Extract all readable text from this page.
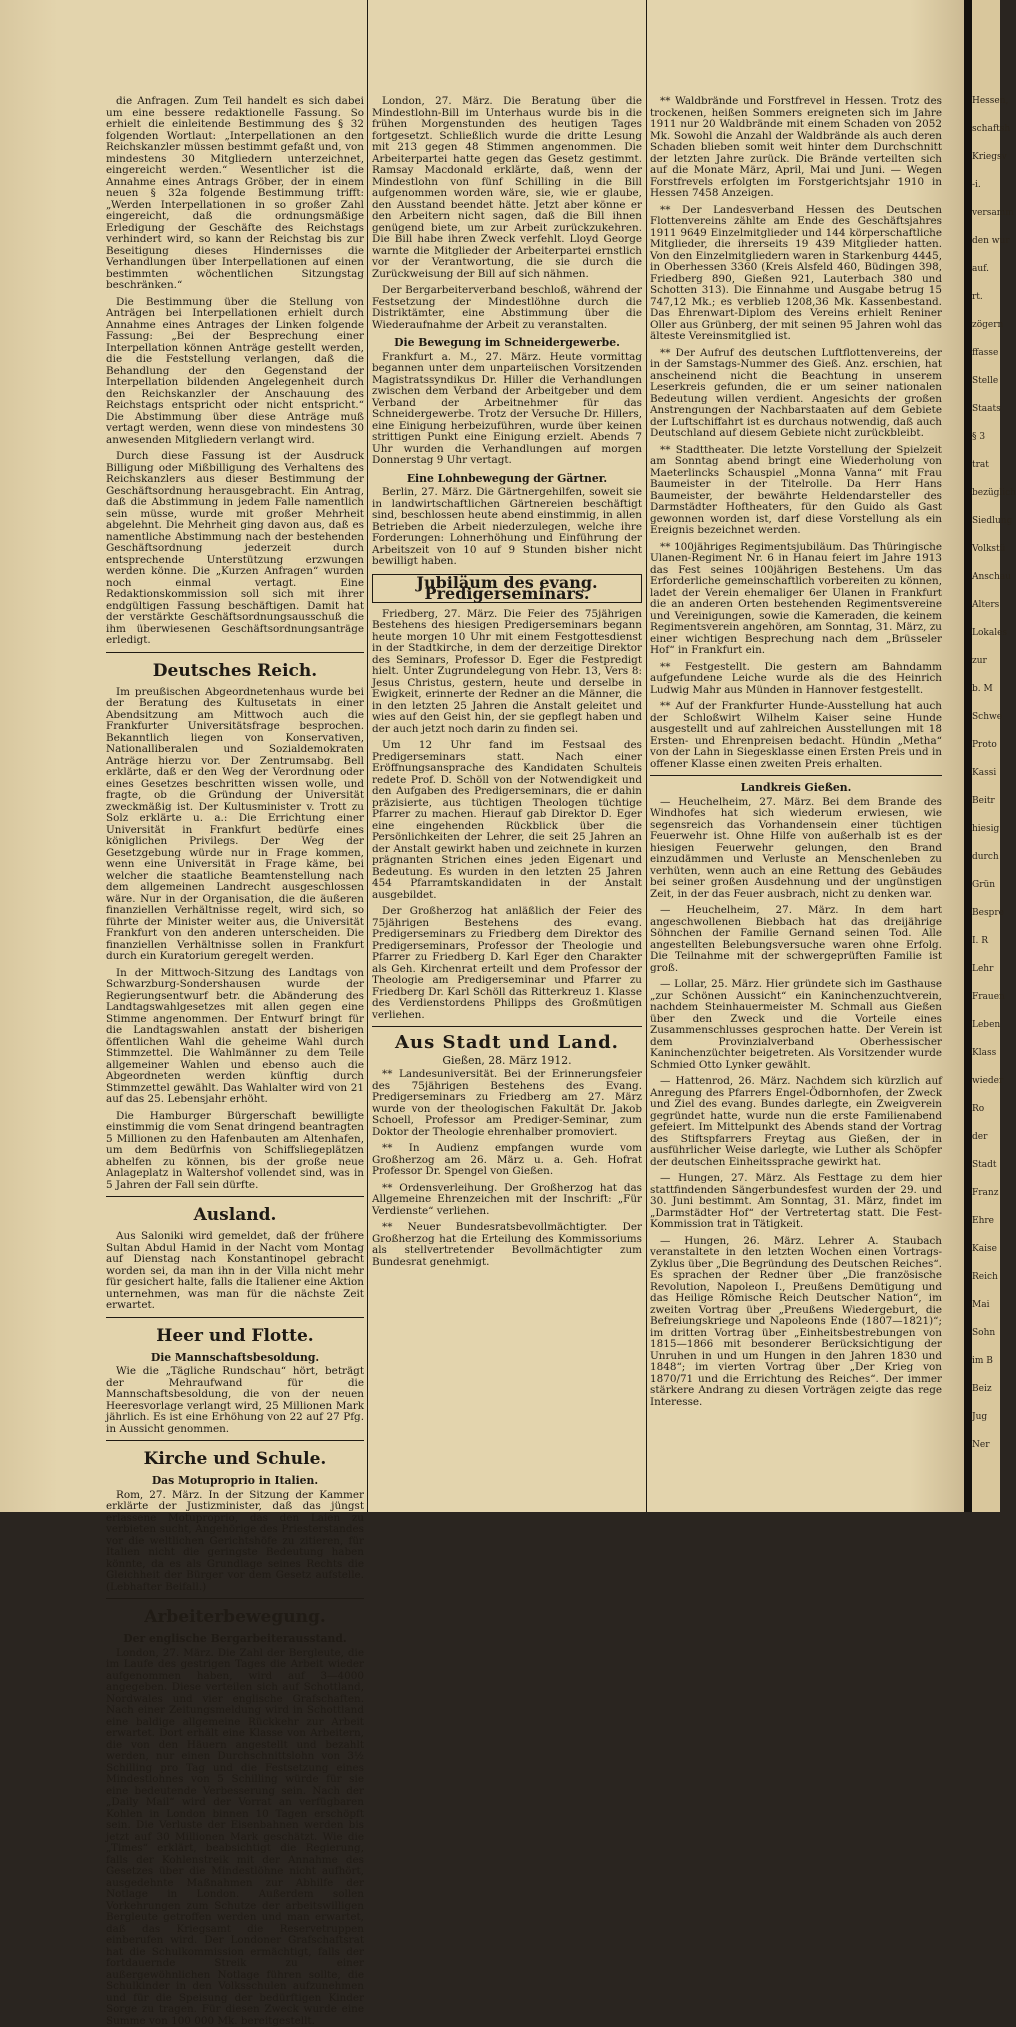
die Anfragen. Zum Teil handelt es sich dabei um eine bessere redaktionelle Fassung. So erhielt die einleitende Bestimmung des § 32 folgenden Wortlaut: „Interpellationen an den Reichskanzler müssen bestimmt gefaßt und, von mindestens 30 Mitgliedern unterzeichnet, eingereicht werden.“ Wesentlicher ist die Annahme eines Antrags Gröber, der in einem neuen § 32a folgende Bestimmung trifft: „Werden Interpellationen in so großer Zahl eingereicht, daß die ordnungsmäßige Erledigung der Geschäfte des Reichstags verhindert wird, so kann der Reichstag bis zur Beseitigung dieses Hindernisses die Verhandlungen über Interpellationen auf einen bestimmten wöchentlichen Sitzungstag beschränken.“

Die Bestimmung über die Stellung von Anträgen bei Interpellationen erhielt durch Annahme eines Antrages der Linken folgende Fassung: „Bei der Besprechung einer Interpellation können Anträge gestellt werden, die die Feststellung verlangen, daß die Behandlung der den Gegenstand der Interpellation bildenden Angelegenheit durch den Reichskanzler der Anschauung des Reichstags entspricht oder nicht entspricht.“ Die Abstimmung über diese Anträge muß vertagt werden, wenn diese von mindestens 30 anwesenden Mitgliedern verlangt wird.

Durch diese Fassung ist der Ausdruck Billigung oder Mißbilligung des Verhaltens des Reichskanzlers aus dieser Bestimmung der Geschäftsordnung herausgebracht. Ein Antrag, daß die Abstimmung in jedem Falle namentlich sein müsse, wurde mit großer Mehrheit abgelehnt. Die Mehrheit ging davon aus, daß es namentliche Abstimmung nach der bestehenden Geschäftsordnung jederzeit durch entsprechende Unterstützung erzwungen werden könne. Die „Kurzen Anfragen“ wurden noch einmal vertagt. Eine Redaktionskommission soll sich mit ihrer endgültigen Fassung beschäftigen. Damit hat der verstärkte Geschäftsordnungsausschuß die ihm überwiesenen Geschäftsordnungsanträge erledigt.

Deutsches Reich.

Im preußischen Abgeordnetenhaus wurde bei der Beratung des Kultusetats in einer Abendsitzung am Mittwoch auch die Frankfurter Universitätsfrage besprochen. Bekanntlich liegen von Konservativen, Nationalliberalen und Sozialdemokraten Anträge hierzu vor. Der Zentrumsabg. Bell erklärte, daß er den Weg der Verordnung oder eines Gesetzes beschritten wissen wolle, und fragte, ob die Gründung der Universität zweckmäßig ist. Der Kultusminister v. Trott zu Solz erklärte u. a.: Die Errichtung einer Universität in Frankfurt bedürfe eines königlichen Privilegs. Der Weg der Gesetzgebung würde nur in Frage kommen, wenn eine Universität in Frage käme, bei welcher die staatliche Beamtenstellung nach dem allgemeinen Landrecht ausgeschlossen wäre. Nur in der Organisation, die die äußeren finanziellen Verhältnisse regelt, wird sich, so führte der Minister weiter aus, die Universität Frankfurt von den anderen unterscheiden. Die finanziellen Verhältnisse sollen in Frankfurt durch ein Kuratorium geregelt werden.

In der Mittwoch-Sitzung des Landtags von Schwarzburg-Sondershausen wurde der Regierungsentwurf betr. die Abänderung des Landtagswahlgesetzes mit allen gegen eine Stimme angenommen. Der Entwurf bringt für die Landtagswahlen anstatt der bisherigen öffentlichen Wahl die geheime Wahl durch Stimmzettel. Die Wahlmänner zu dem Teile allgemeiner Wahlen und ebenso auch die Abgeordneten werden künftig durch Stimmzettel gewählt. Das Wahlalter wird von 21 auf das 25. Lebensjahr erhöht.

Die Hamburger Bürgerschaft bewilligte einstimmig die vom Senat dringend beantragten 5 Millionen zu den Hafenbauten am Altenhafen, um dem Bedürfnis von Schiffsliegeplätzen abhelfen zu können, bis der große neue Anlageplatz in Waltershof vollendet sind, was in 5 Jahren der Fall sein dürfte.

Ausland.

Aus Saloniki wird gemeldet, daß der frühere Sultan Abdul Hamid in der Nacht vom Montag auf Dienstag nach Konstantinopel gebracht worden sei, da man ihn in der Villa nicht mehr für gesichert halte, falls die Italiener eine Aktion unternehmen, was man für die nächste Zeit erwartet.

Heer und Flotte.
Die Mannschaftsbesoldung.

Wie die „Tägliche Rundschau“ hört, beträgt der Mehraufwand für die Mannschaftsbesoldung, die von der neuen Heeresvorlage verlangt wird, 25 Millionen Mark jährlich. Es ist eine Erhöhung von 22 auf 27 Pfg. in Aussicht genommen.

Kirche und Schule.
Das Motuproprio in Italien.

Rom, 27. März. In der Sitzung der Kammer erklärte der Justizminister, daß das jüngst erlassene Motuproprio, das den Laien zu verbieten sucht, Angehörige des Priesterstandes vor die weltlichen Gerichtshöfe zu zitieren, für Italien nicht die geringste Bedeutung haben könnte, da es als Grundlage seines Rechts die Gleichheit der Bürger vor dem Gesetz aufstelle. (Lebhafter Beifall.)

Arbeiterbewegung.
Der englische Bergarbeiterausstand.

London, 27. März. Die Zahl der Bergleute, die im Laufe des gestrigen Tages die Arbeit wieder aufgenommen haben, wird auf 3—4000 angegeben. Diese verteilen sich auf Schottland, Nordwales und vier englische Grafschaften. Nach einer Zeitungsmeldung wird in Schottland eine baldige allgemeine Rückkehr zur Arbeit erwartet. Dort erhält eine Klasse von Arbeitern, die von den Häuern angestellt und bezahlt werden, nur einen Durchschnittslohn von 3½ Schilling pro Tag und die Festsetzung eines Mindestlohnes von 5 Schilling würde für sie eine bedeutende Verbesserung sein. Nach der „Daily Mail“ wird der Vorrat an verfügbaren Kohlen in London binnen 10 Tagen erschöpft sein. Die Verluste der Eisenbahnen werden bis jetzt auf 30 Millionen Mark geschätzt. Wie die „Times“ erklärt, beabsichtigt die Regierung, falls der Kohlenstreik mit der Annahme des Gesetzes über die Mindestlöhne nicht aufhört, ausgedehnte Maßnahmen zur Abhilfe der Notlage in London. Außerdem sollen Vorkehrungen zum Schutze der arbeitswilligen Bergleute getroffen werden und man erwartet, daß das Kriegsamt die Reservetruppen einberufen wird. Der Londoner Grafschaftsrat hat die Schulkommission ermächtigt, falls der fortdauernde Streik zu einer außergewöhnlichen Notlage führen sollte, die Schulkinder in den Volksschulen aufzunehmen und für die Speisung der bedürftigen Kinder Sorge zu tragen. Für diesen Zweck wurde eine Summe von 100 000 Mk. bereitgestellt.

London, 27. März. Die Beratung über die Mindestlohn-Bill im Unterhaus wurde bis in die frühen Morgenstunden des heutigen Tages fortgesetzt. Schließlich wurde die dritte Lesung mit 213 gegen 48 Stimmen angenommen. Die Arbeiterpartei hatte gegen das Gesetz gestimmt. Ramsay Macdonald erklärte, daß, wenn der Mindestlohn von fünf Schilling in die Bill aufgenommen worden wäre, sie, wie er glaube, den Ausstand beendet hätte. Jetzt aber könne er den Arbeitern nicht sagen, daß die Bill ihnen genügend biete, um zur Arbeit zurückzukehren. Die Bill habe ihren Zweck verfehlt. Lloyd George warnte die Mitglieder der Arbeiterpartei ernstlich vor der Verantwortung, die sie durch die Zurückweisung der Bill auf sich nähmen.

Der Bergarbeiterverband beschloß, während der Festsetzung der Mindestlöhne durch die Distriktämter, eine Abstimmung über die Wiederaufnahme der Arbeit zu veranstalten.

Die Bewegung im Schneidergewerbe.

Frankfurt a. M., 27. März. Heute vormittag begannen unter dem unparteiischen Vorsitzenden Magistratssyndikus Dr. Hiller die Verhandlungen zwischen dem Verband der Arbeitgeber und dem Verband der Arbeitnehmer für das Schneidergewerbe. Trotz der Versuche Dr. Hillers, eine Einigung herbeizuführen, wurde über keinen strittigen Punkt eine Einigung erzielt. Abends 7 Uhr wurden die Verhandlungen auf morgen Donnerstag 9 Uhr vertagt.

Eine Lohnbewegung der Gärtner.

Berlin, 27. März. Die Gärtnergehilfen, soweit sie in landwirtschaftlichen Gärtnereien beschäftigt sind, beschlossen heute abend einstimmig, in allen Betrieben die Arbeit niederzulegen, welche ihre Forderungen: Lohnerhöhung und Einführung der Arbeitszeit von 10 auf 9 Stunden bisher nicht bewilligt haben.

Jubiläum des evang. Predigerseminars.

Friedberg, 27. März. Die Feier des 75jährigen Bestehens des hiesigen Predigerseminars begann heute morgen 10 Uhr mit einem Festgottesdienst in der Stadtkirche, in dem der derzeitige Direktor des Seminars, Professor D. Eger die Festpredigt hielt. Unter Zugrundelegung von Hebr. 13, Vers 8: Jesus Christus, gestern, heute und derselbe in Ewigkeit, erinnerte der Redner an die Männer, die in den letzten 25 Jahren die Anstalt geleitet und wies auf den Geist hin, der sie gepflegt haben und der auch jetzt noch darin zu finden sei.

Um 12 Uhr fand im Festsaal des Predigerseminars statt. Nach einer Eröffnungsansprache des Kandidaten Schulteis redete Prof. D. Schöll von der Notwendigkeit und den Aufgaben des Predigerseminars, die er dahin präzisierte, aus tüchtigen Theologen tüchtige Pfarrer zu machen. Hierauf gab Direktor D. Eger eine eingehenden Rückblick über die Persönlichkeiten der Lehrer, die seit 25 Jahren an der Anstalt gewirkt haben und zeichnete in kurzen prägnanten Strichen eines jeden Eigenart und Bedeutung. Es wurden in den letzten 25 Jahren 454 Pfarramtskandidaten in der Anstalt ausgebildet.

Der Großherzog hat anläßlich der Feier des 75jährigen Bestehens des evang. Predigerseminars zu Friedberg dem Direktor des Predigerseminars, Professor der Theologie und Pfarrer zu Friedberg D. Karl Eger den Charakter als Geh. Kirchenrat erteilt und dem Professor der Theologie am Predigerseminar und Pfarrer zu Friedberg Dr. Karl Schöll das Ritterkreuz 1. Klasse des Verdienstordens Philipps des Großmütigen verliehen.

Aus Stadt und Land.
Gießen, 28. März 1912.

** Landesuniversität. Bei der Erinnerungsfeier des 75jährigen Bestehens des Evang. Predigerseminars zu Friedberg am 27. März wurde von der theologischen Fakultät Dr. Jakob Schoell, Professor am Prediger-Seminar, zum Doktor der Theologie ehrenhalber promoviert.

** In Audienz empfangen wurde vom Großherzog am 26. März u. a. Geh. Hofrat Professor Dr. Spengel von Gießen.

** Ordensverleihung. Der Großherzog hat das Allgemeine Ehrenzeichen mit der Inschrift: „Für Verdienste“ verliehen.

** Neuer Bundesratsbevollmächtigter. Der Großherzog hat die Erteilung des Kommissoriums als stellvertretender Bevollmächtigter zum Bundesrat genehmigt.

** Waldbrände und Forstfrevel in Hessen. Trotz des trockenen, heißen Sommers ereigneten sich im Jahre 1911 nur 20 Waldbrände mit einem Schaden von 2052 Mk. Sowohl die Anzahl der Waldbrände als auch deren Schaden blieben somit weit hinter dem Durchschnitt der letzten Jahre zurück. Die Brände verteilten sich auf die Monate März, April, Mai und Juni. — Wegen Forstfrevels erfolgten im Forstgerichtsjahr 1910 in Hessen 7458 Anzeigen.

** Der Landesverband Hessen des Deutschen Flottenvereins zählte am Ende des Geschäftsjahres 1911 9649 Einzelmitglieder und 144 körperschaftliche Mitglieder, die ihrerseits 19 439 Mitglieder hatten. Von den Einzelmitgliedern waren in Starkenburg 4445, in Oberhessen 3360 (Kreis Alsfeld 460, Büdingen 398, Friedberg 890, Gießen 921, Lauterbach 380 und Schotten 313). Die Einnahme und Ausgabe betrug 15 747,12 Mk.; es verblieb 1208,36 Mk. Kassenbestand. Das Ehrenwart-Diplom des Vereins erhielt Reniner Oller aus Grünberg, der mit seinen 95 Jahren wohl das älteste Vereinsmitglied ist.

** Der Aufruf des deutschen Luftflottenvereins, der in der Samstags-Nummer des Gieß. Anz. erschien, hat anscheinend nicht die Beachtung in unserem Leserkreis gefunden, die er um seiner nationalen Bedeutung willen verdient. Angesichts der großen Anstrengungen der Nachbarstaaten auf dem Gebiete der Luftschiffahrt ist es durchaus notwendig, daß auch Deutschland auf diesem Gebiete nicht zurückbleibt.

** Stadttheater. Die letzte Vorstellung der Spielzeit am Sonntag abend bringt eine Wiederholung von Maeterlincks Schauspiel „Monna Vanna“ mit Frau Baumeister in der Titelrolle. Da Herr Hans Baumeister, der bewährte Heldendarsteller des Darmstädter Hoftheaters, für den Guido als Gast gewonnen worden ist, darf diese Vorstellung als ein Ereignis bezeichnet werden.

** 100jähriges Regimentsjubiläum. Das Thüringische Ulanen-Regiment Nr. 6 in Hanau feiert im Jahre 1913 das Fest seines 100jährigen Bestehens. Um das Erforderliche gemeinschaftlich vorbereiten zu können, ladet der Verein ehemaliger 6er Ulanen in Frankfurt die an anderen Orten bestehenden Regimentsvereine und Vereinigungen, sowie die Kameraden, die keinem Regimentsverein angehören, am Sonntag, 31. März, zu einer wichtigen Besprechung nach dem „Brüsseler Hof“ in Frankfurt ein.

** Festgestellt. Die gestern am Bahndamm aufgefundene Leiche wurde als die des Heinrich Ludwig Mahr aus Münden in Hannover festgestellt.

** Auf der Frankfurter Hunde-Ausstellung hat auch der Schloßwirt Wilhelm Kaiser seine Hunde ausgestellt und auf zahlreichen Ausstellungen mit 18 Ersten- und Ehrenpreisen bedacht. Hündin „Metha“ von der Lahn in Siegesklasse einen Ersten Preis und in offener Klasse einen zweiten Preis erhalten.

Landkreis Gießen.

— Heuchelheim, 27. März. Bei dem Brande des Windhofes hat sich wiederum erwiesen, wie segensreich das Vorhandensein einer tüchtigen Feuerwehr ist. Ohne Hilfe von außerhalb ist es der hiesigen Feuerwehr gelungen, den Brand einzudämmen und Verluste an Menschenleben zu verhüten, wenn auch an eine Rettung des Gebäudes bei seiner großen Ausdehnung und der ungünstigen Zeit, in der das Feuer ausbrach, nicht zu denken war.

— Heuchelheim, 27. März. In dem hart angeschwollenen Biebbach hat das dreijährige Söhnchen der Familie Gernand seinen Tod. Alle angestellten Belebungsversuche waren ohne Erfolg. Die Teilnahme mit der schwergeprüften Familie ist groß.

— Lollar, 25. März. Hier gründete sich im Gasthause „zur Schönen Aussicht“ ein Kaninchenzuchtverein, nachdem Steinhauermeister M. Schmall aus Gießen über den Zweck und die Vorteile eines Zusammenschlusses gesprochen hatte. Der Verein ist dem Provinzialverband Oberhessischer Kaninchenzüchter beigetreten. Als Vorsitzender wurde Schmied Otto Lynker gewählt.

— Hattenrod, 26. März. Nachdem sich kürzlich auf Anregung des Pfarrers Engel-Ödbornhofen, der Zweck und Ziel des evang. Bundes darlegte, ein Zweigverein gegründet hatte, wurde nun die erste Familienabend gefeiert. Im Mittelpunkt des Abends stand der Vortrag des Stiftspfarrers Freytag aus Gießen, der in ausführlicher Weise darlegte, wie Luther als Schöpfer der deutschen Einheitssprache gewirkt hat.

— Hungen, 27. März. Als Festtage zu dem hier stattfindenden Sängerbundesfest wurden der 29. und 30. Juni bestimmt. Am Sonntag, 31. März, findet im „Darmstädter Hof“ der Vertretertag statt. Die Fest-Kommission trat in Tätigkeit.

— Hungen, 26. März. Lehrer A. Staubach veranstaltete in den letzten Wochen einen Vortrags-Zyklus über „Die Begründung des Deutschen Reiches“. Es sprachen der Redner über „Die französische Revolution, Napoleon I., Preußens Demütigung und das Heilige Römische Reich Deutscher Nation“, im zweiten Vortrag über „Preußens Wiedergeburt, die Befreiungskriege und Napoleons Ende (1807—1821)“; im dritten Vortrag über „Einheitsbestrebungen von 1815—1866 mit besonderer Berücksichtigung der Unruhen in und um Hungen in den Jahren 1830 und 1848“; im vierten Vortrag über „Der Krieg von 1870/71 und die Errichtung des Reiches“. Der immer stärkere Andrang zu diesen Vorträgen zeigte das rege Interesse.

Hessen,
schaftsh
Kriegsv
-i.
versamm
den wur
auf.
rt.
zögern
ffasse
Stelle
Staats
§ 3
trat
bezüglich
Siedlung
Volkstü
Anschau
Alters
Lokales
zur
b. M
Schwe
Proto
Kassi
Beitr
hiesig
durch
Grün
Bespre
I. R
Lehr
Frauen
Leben
Klass
wieder
Ro
der
Stadt
Franz
Ehre
Kaise
Reich
Mai
Sohn
im B
Beiz
Jug
Ner
